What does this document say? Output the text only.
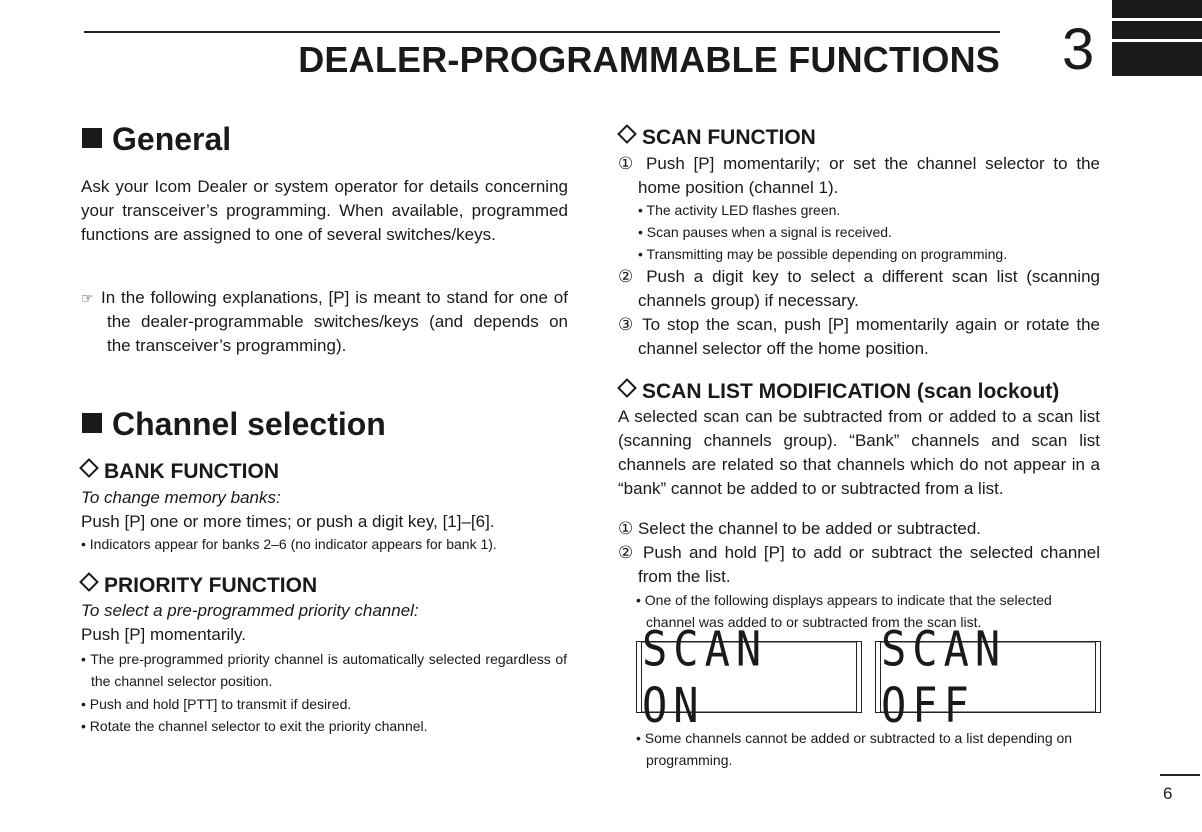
DEALER-PROGRAMMABLE FUNCTIONS 3
General
Ask your Icom Dealer or system operator for details concerning your transceiver’s programming. When available, programmed functions are assigned to one of several switches/keys.
☞ In the following explanations, [P] is meant to stand for one of the dealer-programmable switches/keys (and depends on the transceiver’s programming).
Channel selection
BANK FUNCTION
To change memory banks:
Push [P] one or more times; or push a digit key, [1]–[6].
• Indicators appear for banks 2–6 (no indicator appears for bank 1).
PRIORITY FUNCTION
To select a pre-programmed priority channel:
Push [P] momentarily.
• The pre-programmed priority channel is automatically selected regardless of the channel selector position.
• Push and hold [PTT] to transmit if desired.
• Rotate the channel selector to exit the priority channel.
SCAN FUNCTION
① Push [P] momentarily; or set the channel selector to the home position (channel 1).
• The activity LED flashes green.
• Scan pauses when a signal is received.
• Transmitting may be possible depending on programming.
② Push a digit key to select a different scan list (scanning channels group) if necessary.
③ To stop the scan, push [P] momentarily again or rotate the channel selector off the home position.
SCAN LIST MODIFICATION (scan lockout)
A selected scan can be subtracted from or added to a scan list (scanning channels group). “Bank” channels and scan list channels are related so that channels which do not appear in a “bank” cannot be added to or subtracted from a list.
① Select the channel to be added or subtracted.
② Push and hold [P] to add or subtract the selected channel from the list.
• One of the following displays appears to indicate that the selected channel was added to or subtracted from the scan list.
SCAN ON
SCAN OFF
• Some channels cannot be added or subtracted to a list depending on programming.
6
